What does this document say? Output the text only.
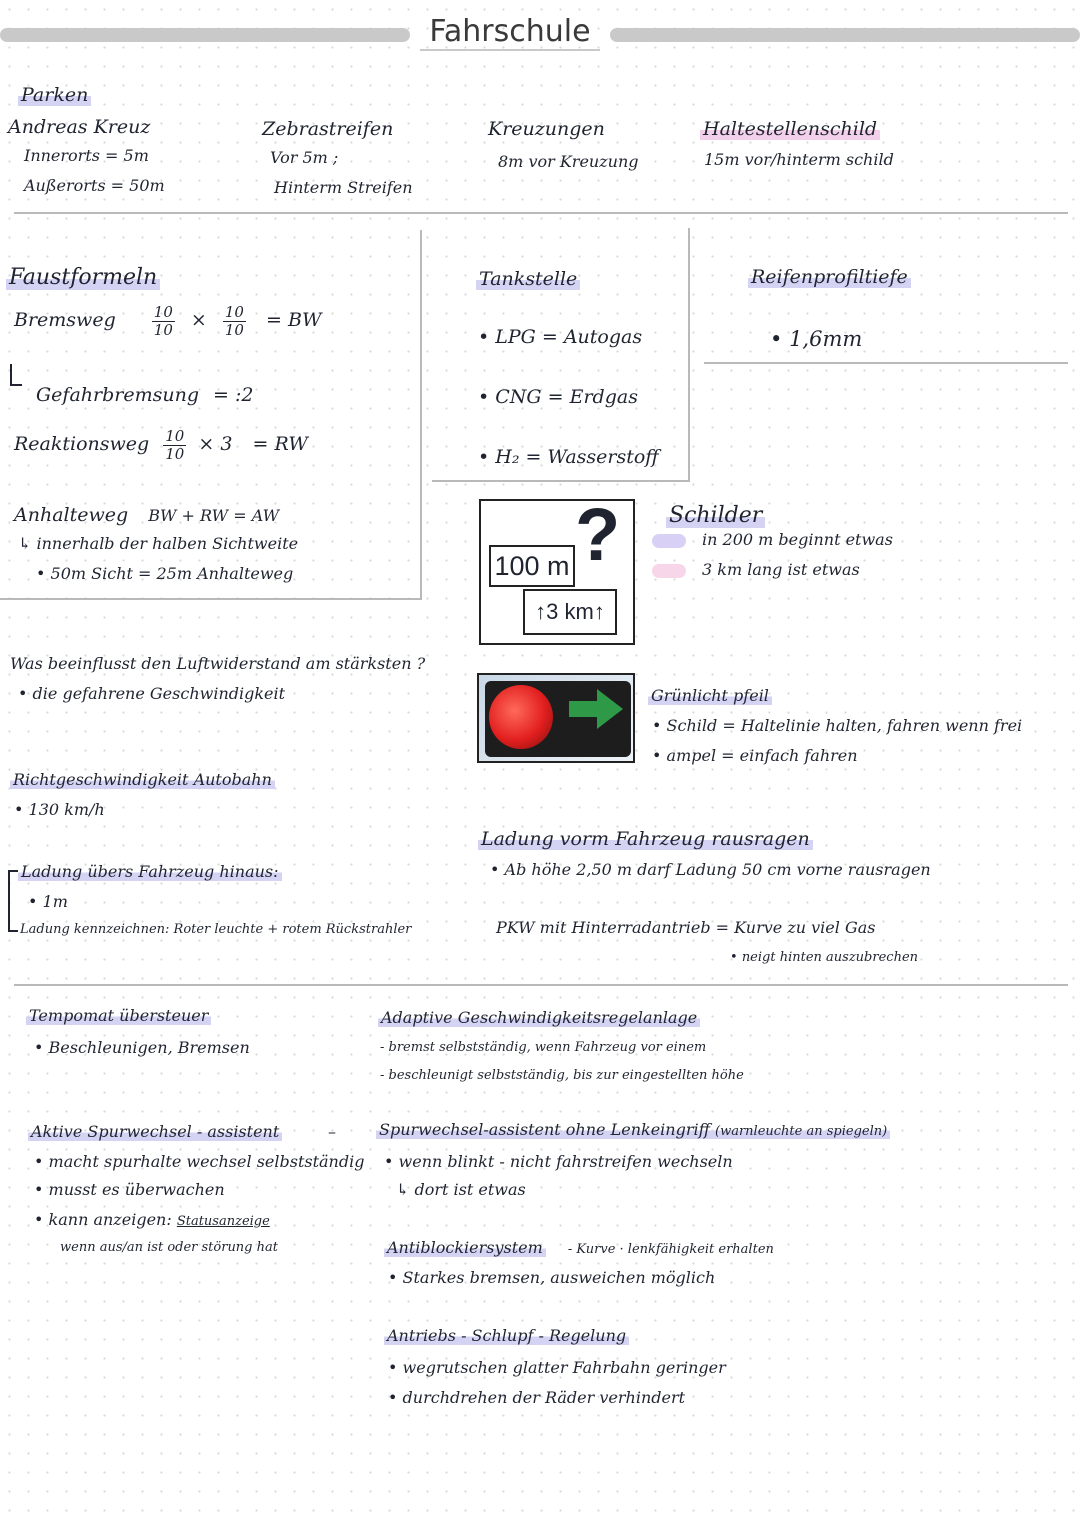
Fahrschule
Parken
Andreas Kreuz
Innerorts = 5m
Außerorts = 50m
Zebrastreifen
Vor 5m ;
Hinterm Streifen
Kreuzungen
8m vor Kreuzung
Haltestellenschild
15m vor/hinterm schild
Faustformeln
Bremsweg $\frac{10}{10} \times \frac{10}{10}$ = BW
Gefahrbremsung = :2
Reaktionsweg $\frac{10}{10} \times 3$ = RW
Anhalteweg BW + RW = AW
↳ innerhalb der halben Sichtweite
• 50m Sicht = 25m Anhalteweg
Tankstelle
• LPG = Autogas
• CNG = Erdgas
• H₂ = Wasserstoff
Reifenprofiltiefe
• 1,6mm
100 m ?
↑3 km↑
Schilder
in 200 m beginnt etwas
3 km lang ist etwas
Was beeinflusst den Luftwiderstand am stärksten ?
• die gefahrene Geschwindigkeit	Grünlicht pfeil
• Schild = Haltelinie halten, fahren wenn frei
• ampel = einfach fahren
Richtgeschwindigkeit Autobahn
• 130 km/h
Ladung vorm Fahrzeug rausragen
• Ab höhe 2,50 m darf Ladung 50 cm vorne rausragen
Ladung übers Fahrzeug hinaus:
• 1m
Ladung kennzeichnen: Roter leuchte + rotem Rückstrahler	PKW mit Hinterradantrieb = Kurve zu viel Gas
• neigt hinten auszubrechen
Tempomat übersteuer
• Beschleunigen, Bremsen
Adaptive Geschwindigkeitsregelanlage
- bremst selbstständig, wenn Fahrzeug vor einem
- beschleunigt selbstständig, bis zur eingestellten höhe
Aktive Spurwechsel - assistent	–
• macht spurhalte wechsel selbstständig
• musst es überwachen
• kann anzeigen: Statusanzeige
wenn aus/an ist oder störung hat
Spurwechsel-assistent ohne Lenkeingriff (warnleuchte an spiegeln)
• wenn blinkt - nicht fahrstreifen wechseln
↳ dort ist etwas
Antiblockiersystem - Kurve · lenkfähigkeit erhalten
• Starkes bremsen, ausweichen möglich
Antriebs - Schlupf - Regelung
• wegrutschen glatter Fahrbahn geringer
• durchdrehen der Räder verhindert
